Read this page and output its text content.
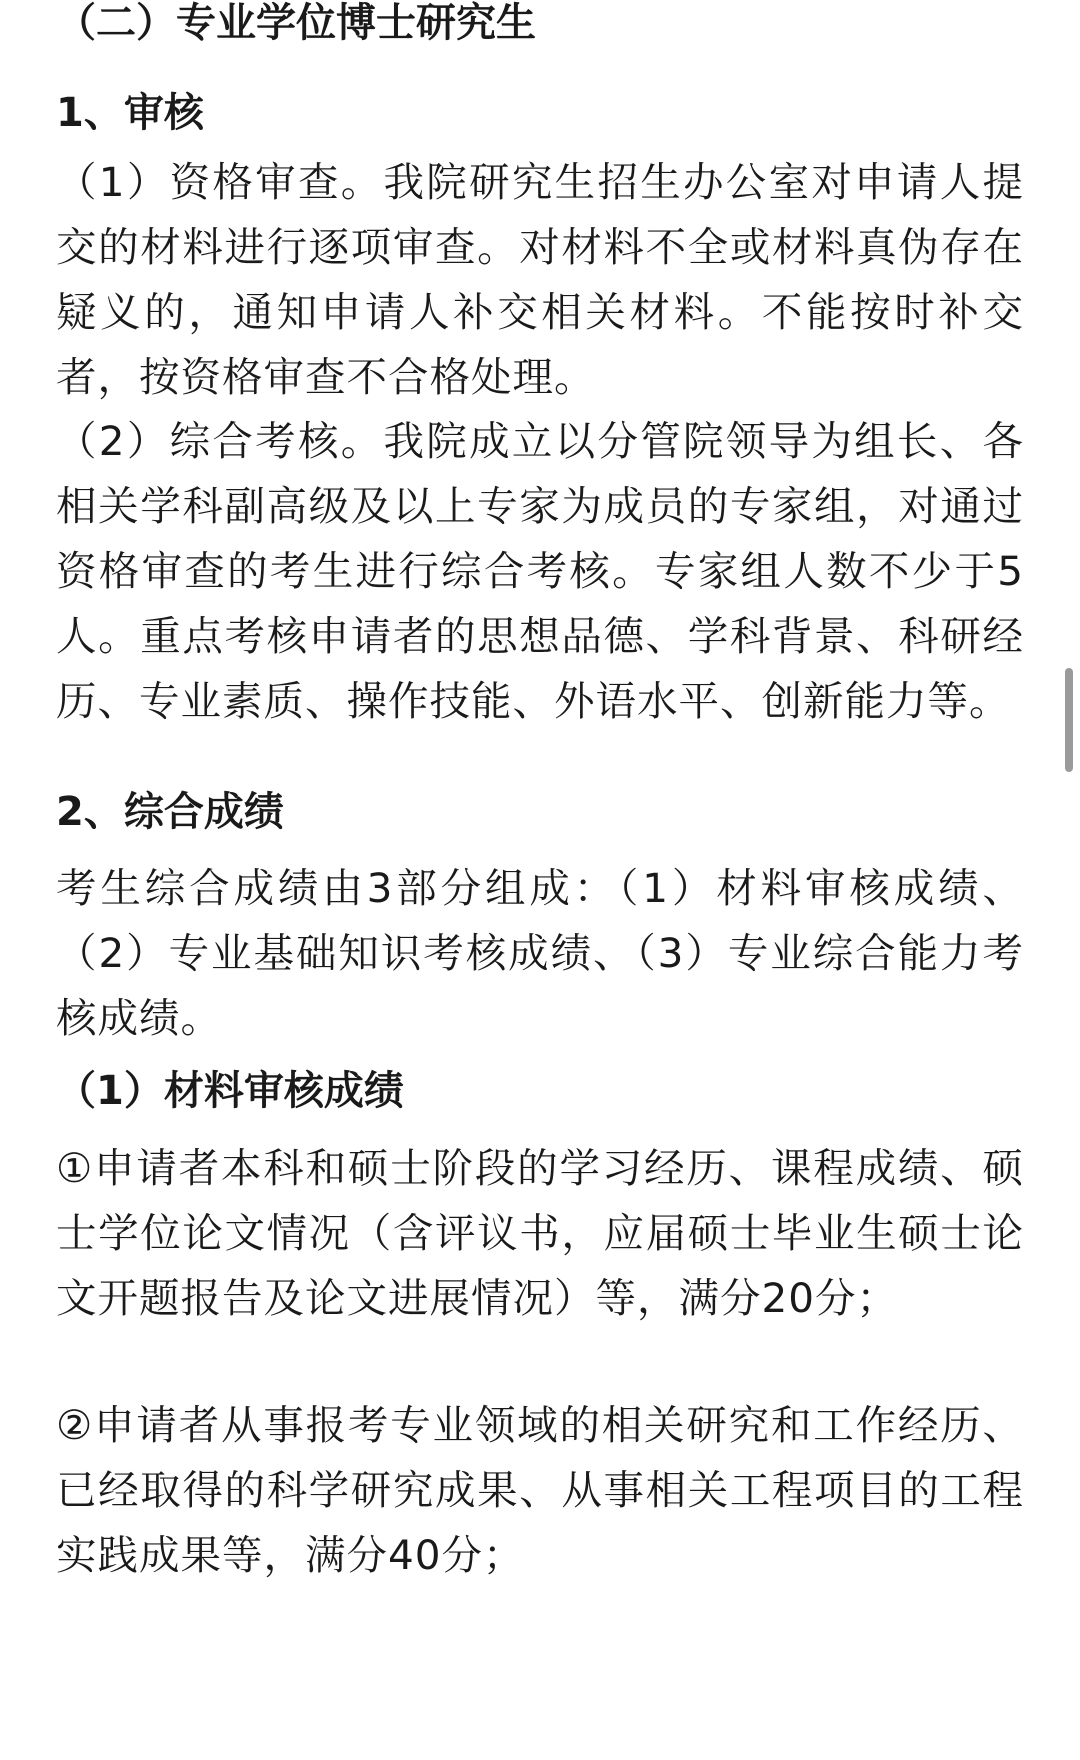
（二）专业学位博士研究生
1、审核

（1）资格审查。我院研究生招生办公室对申请人提交的材料进行逐项审查。对材料不全或材料真伪存在疑义的，通知申请人补交相关材料。不能按时补交者，按资格审查不合格处理。

（2）综合考核。我院成立以分管院领导为组长、各相关学科副高级及以上专家为成员的专家组，对通过资格审查的考生进行综合考核。专家组人数不少于5人。重点考核申请者的思想品德、学科背景、科研经历、专业素质、操作技能、外语水平、创新能力等。

2、综合成绩

考生综合成绩由3部分组成：（1）材料审核成绩、（2）专业基础知识考核成绩、（3）专业综合能力考核成绩。

（1）材料审核成绩

①申请者本科和硕士阶段的学习经历、课程成绩、硕士学位论文情况（含评议书，应届硕士毕业生硕士论文开题报告及论文进展情况）等，满分20分；

②申请者从事报考专业领域的相关研究和工作经历、已经取得的科学研究成果、从事相关工程项目的工程实践成果等，满分40分；
